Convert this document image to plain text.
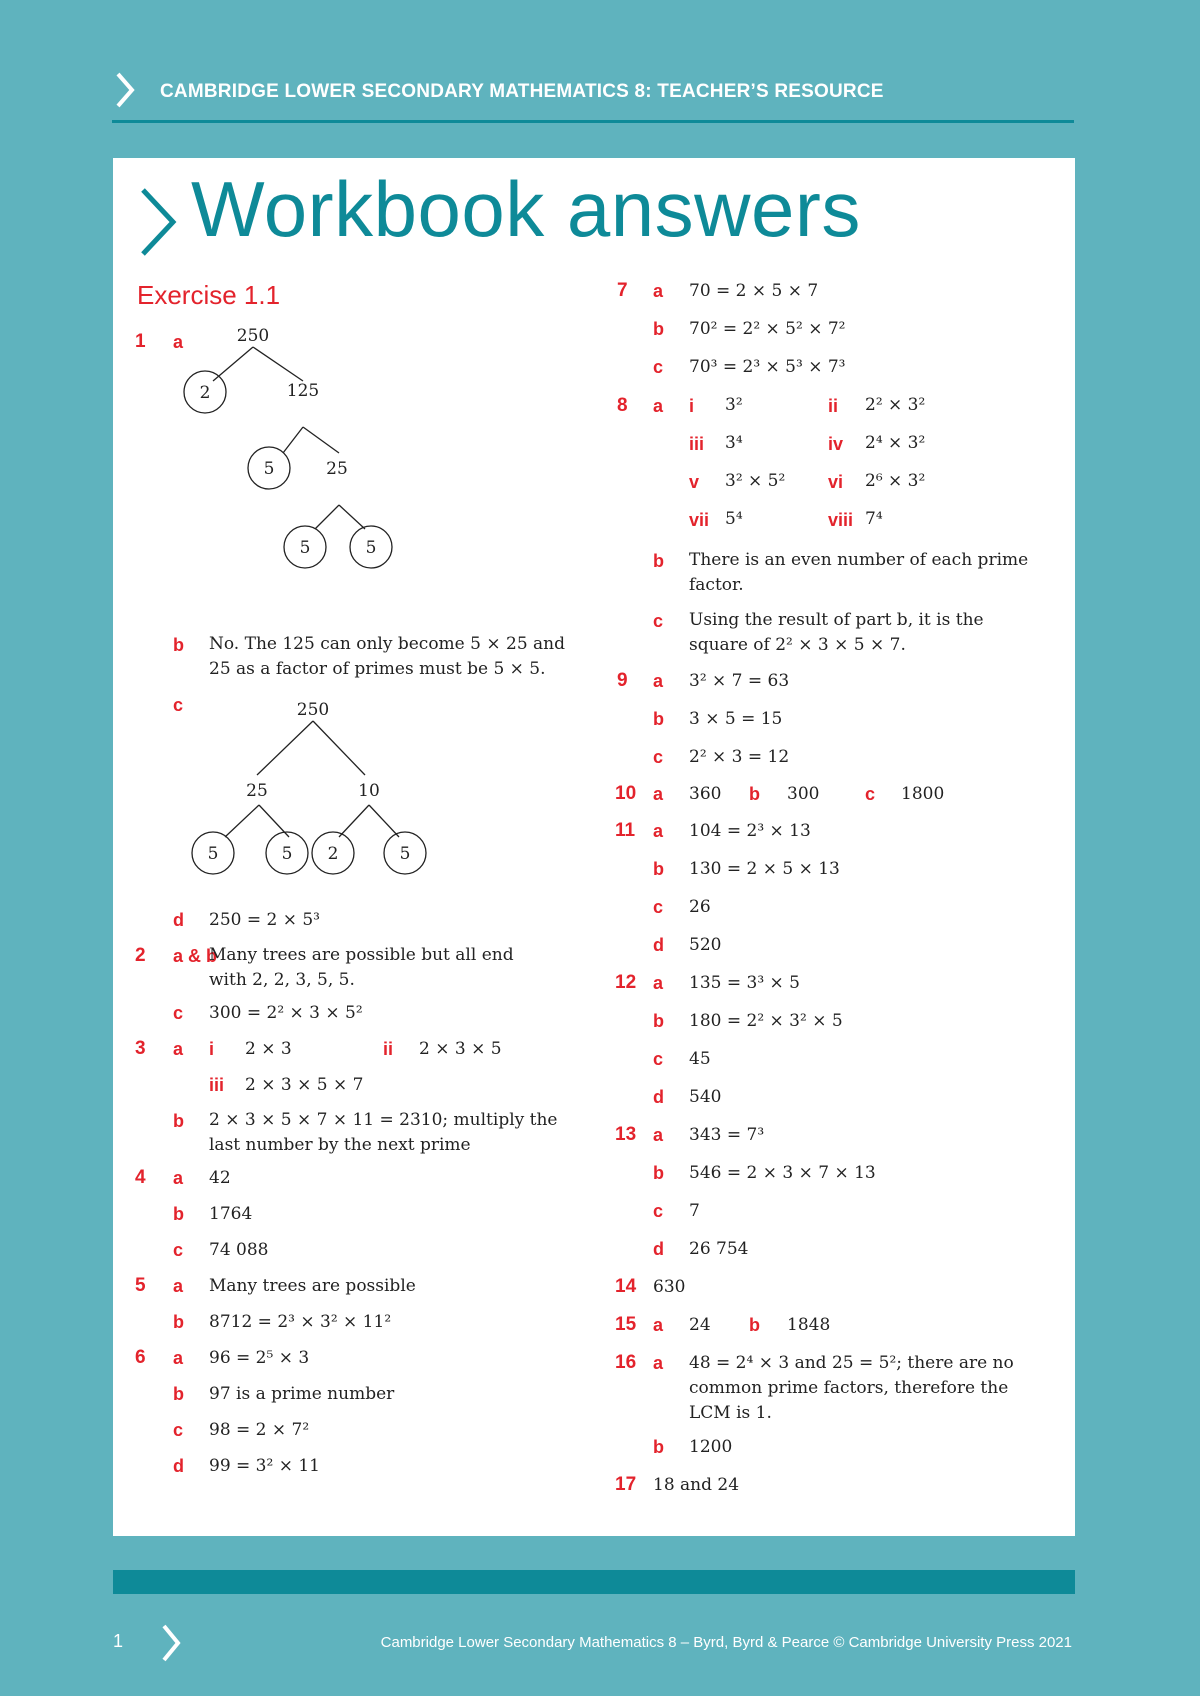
CAMBRIDGE LOWER SECONDARY MATHEMATICS 8: TEACHER’S RESOURCE
Workbook answers
Exercise 1.1
1 a	250
2	125
5	25
5	5
b No. The 125 can only become 5 × 25 and 25 as a factor of primes must be 5 × 5.
c	250
25	10
5	5 2	5
d 250 = 2 × 5³
2 a & b
Many trees are possible but all end with 2, 2, 3, 5, 5.
c 300 = 2² × 3 × 5²
3 a i 2 × 3	ii 2 × 3 × 5
iii 2 × 3 × 5 × 7
b 2 × 3 × 5 × 7 × 11 = 2310; multiply the last number by the next prime
4 a 42
b 1764
c 74 088
5 a Many trees are possible
b 8712 = 2³ × 3² × 11²
6 a 96 = 2⁵ × 3
b 97 is a prime number
c 98 = 2 × 7²
d 99 = 3² × 11
7 a 70 = 2 × 5 × 7
b 70² = 2² × 5² × 7²
c 70³ = 2³ × 5³ × 7³
8 a i 3²	ii 2² × 3²
iii 3⁴	iv 2⁴ × 3²
v 3² × 5² vi 2⁶ × 3²
vii 5⁴	viii 7⁴
b There is an even number of each prime factor.
c Using the result of part b, it is the square of 2² × 3 × 5 × 7.
9 a 3² × 7 = 63
b 3 × 5 = 15
c 2² × 3 = 12
10 a 360 b 300	c 1800
11 a 104 = 2³ × 13
b 130 = 2 × 5 × 13
c 26
d 520
12 a 135 = 3³ × 5
b 180 = 2² × 3² × 5
c 45
d 540
13 a 343 = 7³
b 546 = 2 × 3 × 7 × 13
c 7
d 26 754
14 630
15 a 24 b 1848
16 a 48 = 2⁴ × 3 and 25 = 5²; there are no common prime factors, therefore the LCM is 1.
b 1200
17 18 and 24
1	Cambridge Lower Secondary Mathematics 8 – Byrd, Byrd & Pearce © Cambridge University Press 2021
